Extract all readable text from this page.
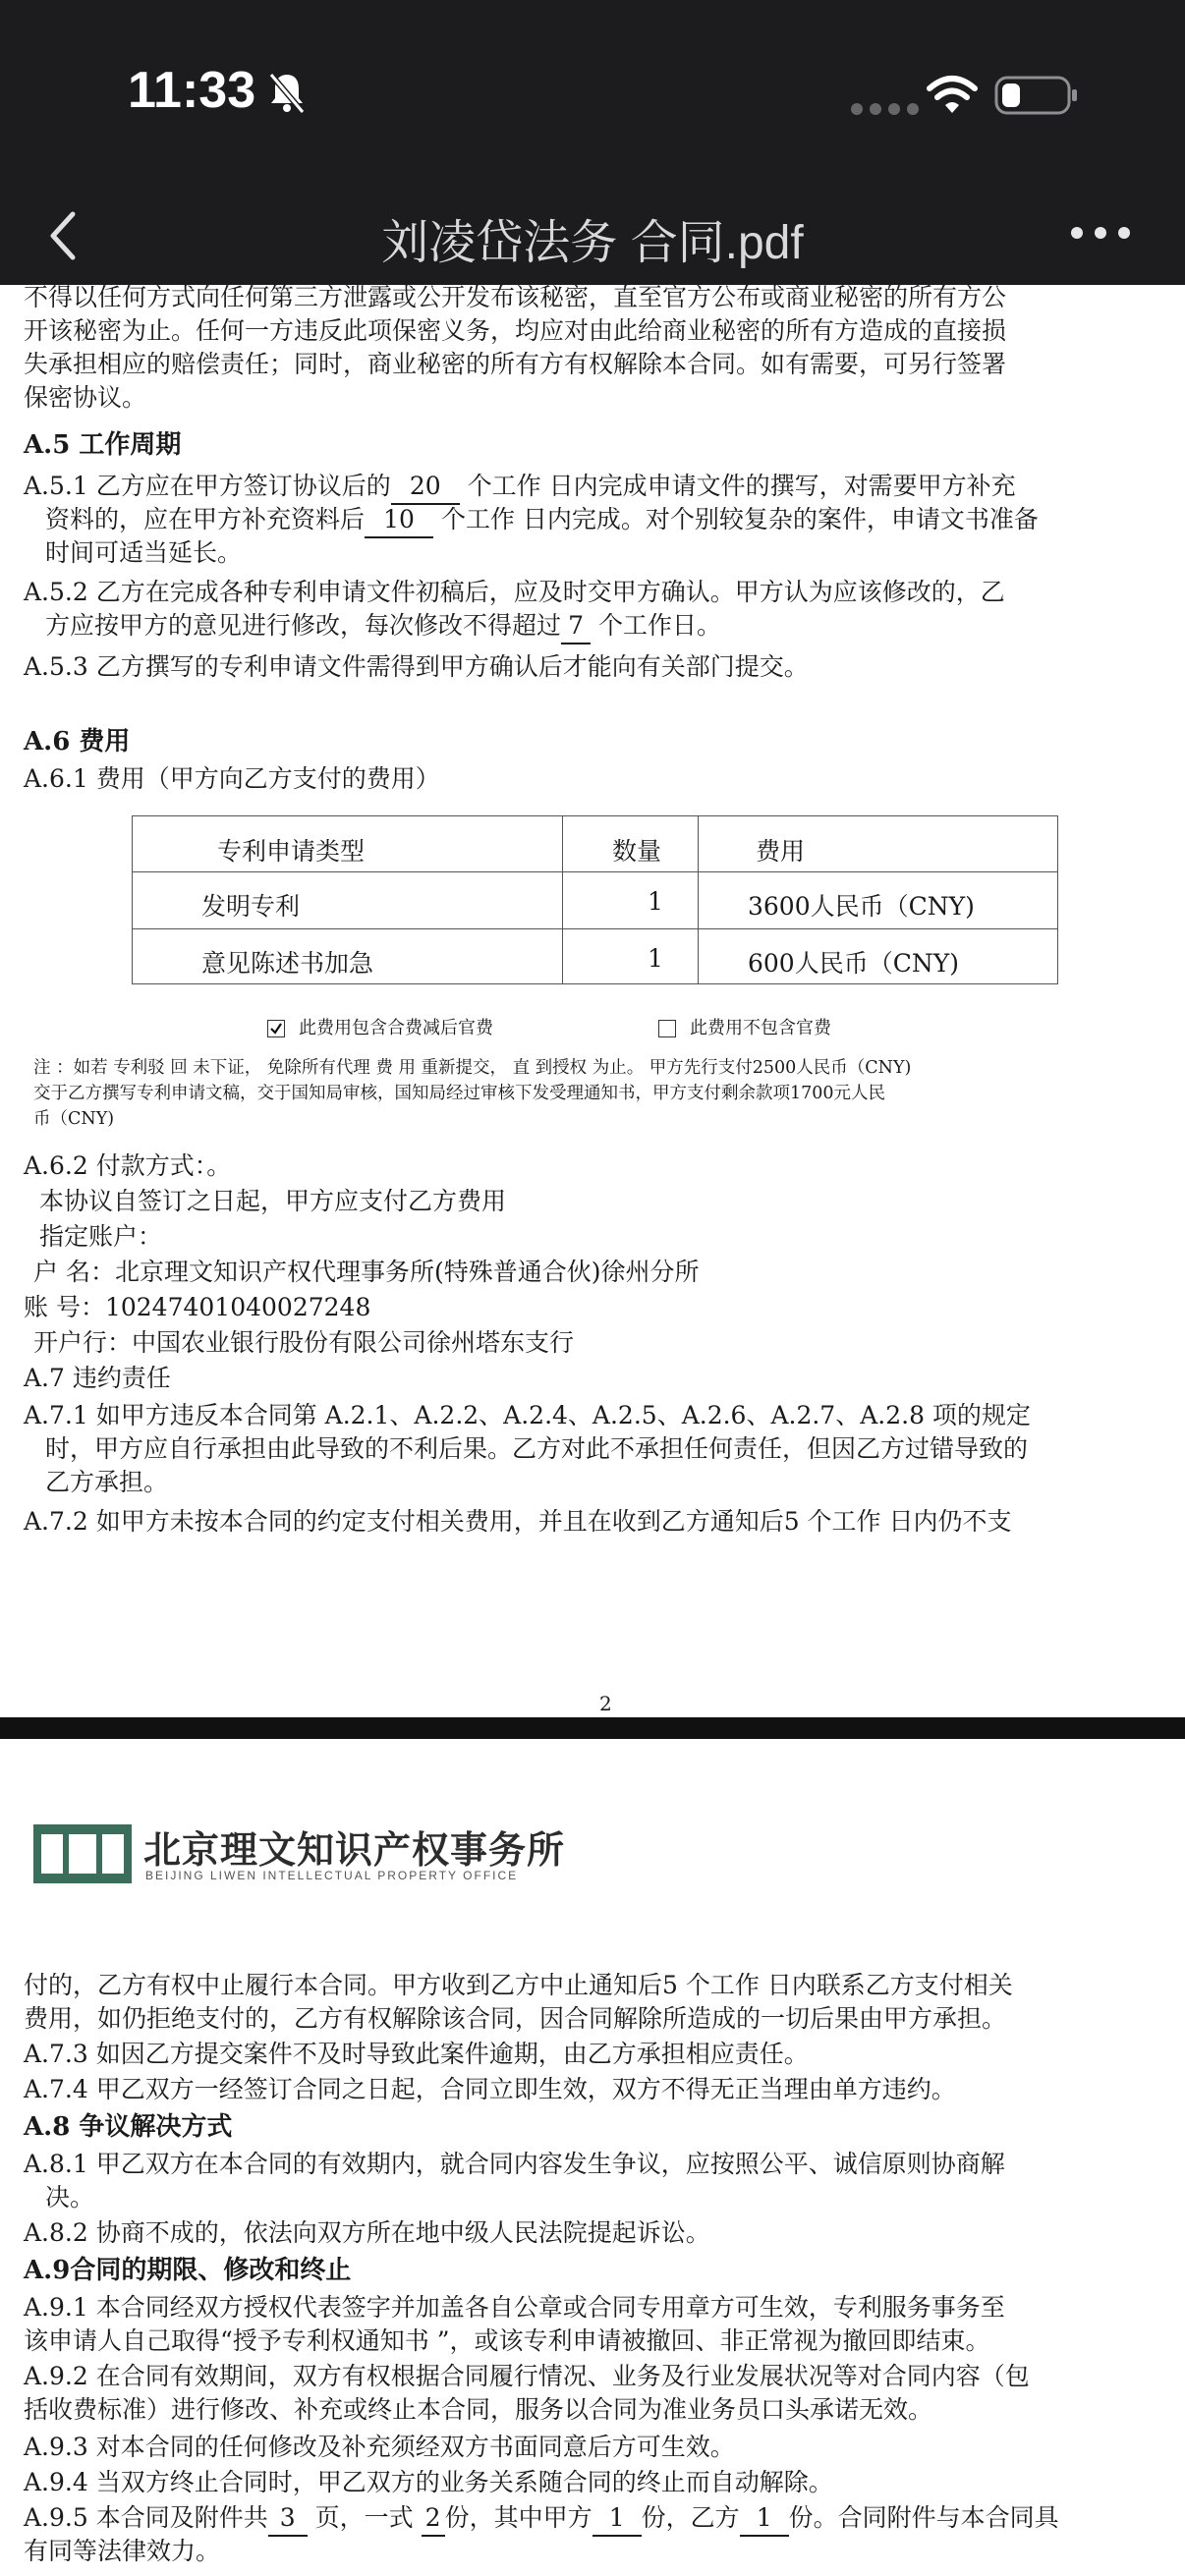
11:33
刘凌岱法务 合同.pdf
不得以任何方式向任何第三方泄露或公开发布该秘密，直至官方公布或商业秘密的所有方公
开该秘密为止。任何一方违反此项保密义务，均应对由此给商业秘密的所有方造成的直接损
失承担相应的赔偿责任；同时，商业秘密的所有方有权解除本合同。如有需要，可另行签署
保密协议。
A.5 工作周期
A.5.1 乙方应在甲方签订协议后的 20 个工作 日内完成申请文件的撰写，对需要甲方补充
资料的，应在甲方补充资料后 10 个工作 日内完成。对个别较复杂的案件，申请文书准备
时间可适当延长。
A.5.2 乙方在完成各种专利申请文件初稿后，应及时交甲方确认。甲方认为应该修改的，乙
方应按甲方的意见进行修改，每次修改不得超过 7 个工作日。
A.5.3 乙方撰写的专利申请文件需得到甲方确认后才能向有关部门提交。
A.6 费用
A.6.1 费用（甲方向乙方支付的费用）
专利申请类型	数量	费用
发明专利	1	3600人民币（CNY)
意见陈述书加急	1	600人民币（CNY)
此费用包含合费减后官费	此费用不包含官费
注 ：如若 专利驳 回 未下证， 免除所有代理 费 用 重新提交， 直 到授权 为止。 甲方先行支付2500人民币（CNY)
交于乙方撰写专利申请文稿，交于国知局审核，国知局经过审核下发受理通知书，甲方支付剩余款项1700元人民
币（CNY)
A.6.2 付款方式：。
本协议自签订之日起，甲方应支付乙方费用
指定账户：
户 名：北京理文知识产权代理事务所(特殊普通合伙)徐州分所
账 号：10247401040027248
开户行：中国农业银行股份有限公司徐州塔东支行
A.7 违约责任
A.7.1 如甲方违反本合同第 A.2.1、A.2.2、A.2.4、A.2.5、A.2.6、A.2.7、A.2.8 项的规定
时，甲方应自行承担由此导致的不利后果。乙方对此不承担任何责任，但因乙方过错导致的
乙方承担。
A.7.2 如甲方未按本合同的约定支付相关费用，并且在收到乙方通知后5 个工作 日内仍不支
2
北京理文知识产权事务所
BEIJING LIWEN INTELLECTUAL PROPERTY OFFICE
付的，乙方有权中止履行本合同。甲方收到乙方中止通知后5 个工作 日内联系乙方支付相关
费用，如仍拒绝支付的，乙方有权解除该合同，因合同解除所造成的一切后果由甲方承担。
A.7.3 如因乙方提交案件不及时导致此案件逾期，由乙方承担相应责任。
A.7.4 甲乙双方一经签订合同之日起，合同立即生效，双方不得无正当理由单方违约。
A.8 争议解决方式
A.8.1 甲乙双方在本合同的有效期内，就合同内容发生争议，应按照公平、诚信原则协商解
决。
A.8.2 协商不成的，依法向双方所在地中级人民法院提起诉讼。
A.9合同的期限、修改和终止
A.9.1 本合同经双方授权代表签字并加盖各自公章或合同专用章方可生效，专利服务事务至
该申请人自己取得“授予专利权通知书 ”，或该专利申请被撤回、非正常视为撤回即结束。
A.9.2 在合同有效期间，双方有权根据合同履行情况、业务及行业发展状况等对合同内容（包
括收费标准）进行修改、补充或终止本合同，服务以合同为准业务员口头承诺无效。
A.9.3 对本合同的任何修改及补充须经双方书面同意后方可生效。
A.9.4 当双方终止合同时，甲乙双方的业务关系随合同的终止而自动解除。
A.9.5 本合同及附件共 3 页，一式 2 份，其中甲方 1 份，乙方 1 份。合同附件与本合同具
有同等法律效力。
